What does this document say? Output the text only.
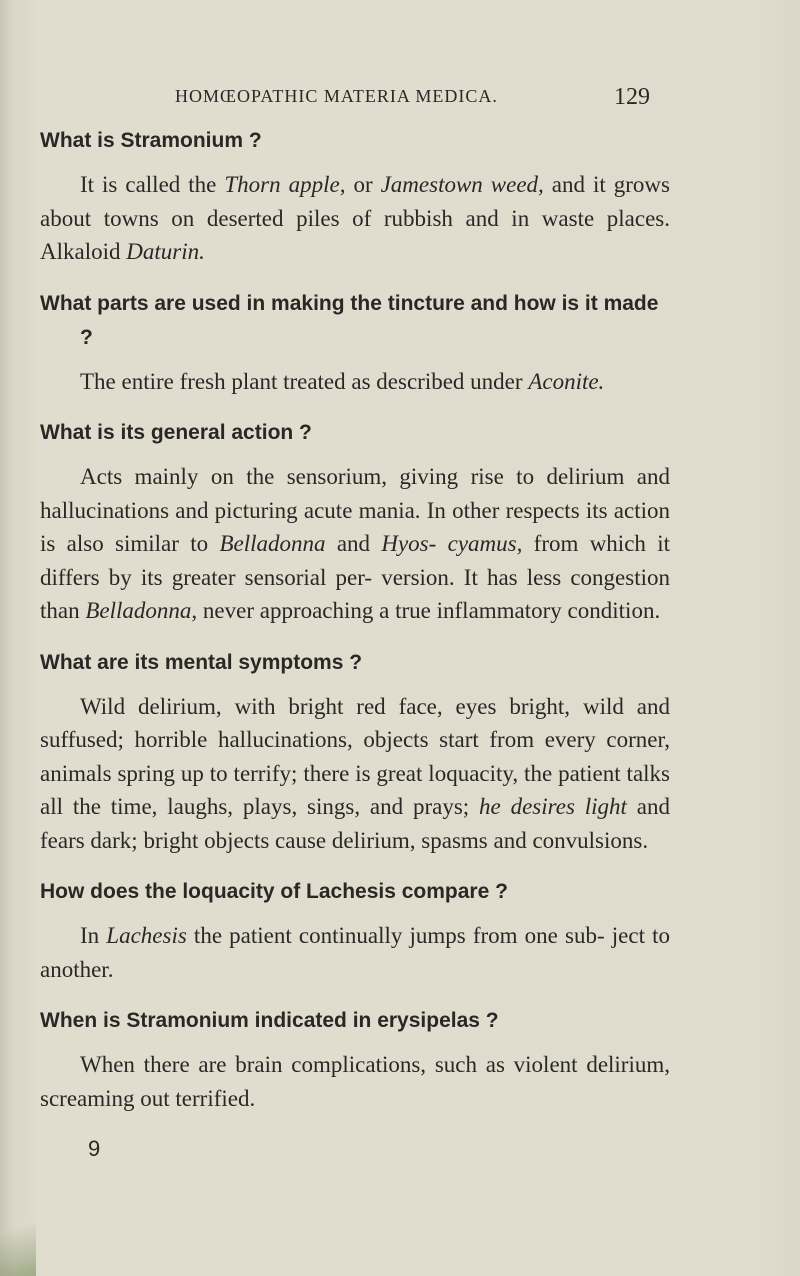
HOMŒOPATHIC MATERIA MEDICA.	129

What is Stramonium ?

It is called the Thorn apple, or Jamestown weed, and it grows about towns on deserted piles of rubbish and in waste places. Alkaloid Daturin.

What parts are used in making the tincture and how is it made ?

The entire fresh plant treated as described under Aconite.

What is its general action ?

Acts mainly on the sensorium, giving rise to delirium and hallucinations and picturing acute mania. In other respects its action is also similar to Belladonna and Hyos- cyamus, from which it differs by its greater sensorial per- version. It has less congestion than Belladonna, never approaching a true inflammatory condition.

What are its mental symptoms ?

Wild delirium, with bright red face, eyes bright, wild and suffused; horrible hallucinations, objects start from every corner, animals spring up to terrify; there is great loquacity, the patient talks all the time, laughs, plays, sings, and prays; he desires light and fears dark; bright objects cause delirium, spasms and convulsions.

How does the loquacity of Lachesis compare ?

In Lachesis the patient continually jumps from one sub- ject to another.

When is Stramonium indicated in erysipelas ?

When there are brain complications, such as violent delirium, screaming out terrified.

9
